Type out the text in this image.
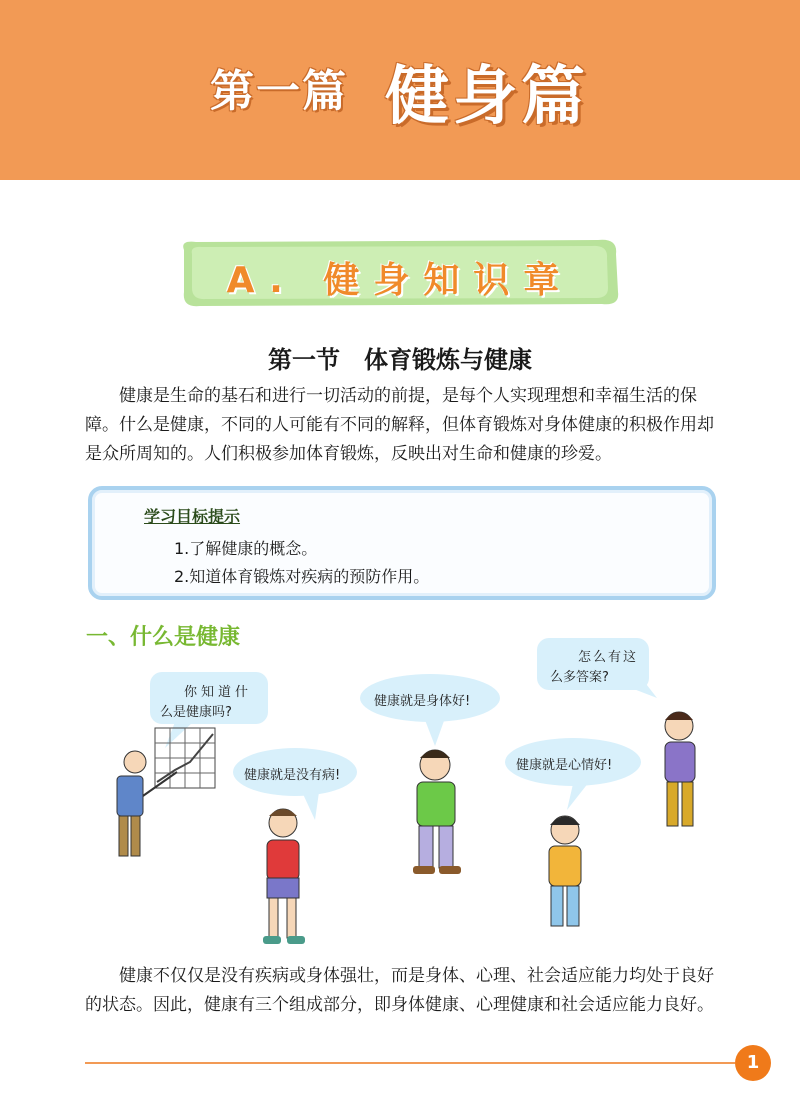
第一篇 健身篇
A. 健身知识章
第一节　体育锻炼与健康

健康是生命的基石和进行一切活动的前提，是每个人实现理想和幸福生活的保障。什么是健康，不同的人可能有不同的解释，但体育锻炼对身体健康的积极作用却是众所周知的。人们积极参加体育锻炼，反映出对生命和健康的珍爱。

学习目标提示
1.了解健康的概念。
2.知道体育锻炼对疾病的预防作用。
一、什么是健康
你知道什
么是健康吗?
健康就是没有病!
健康就是身体好!
健康就是心情好!
怎么有这
么多答案?

健康不仅仅是没有疾病或身体强壮，而是身体、心理、社会适应能力均处于良好的状态。因此，健康有三个组成部分，即身体健康、心理健康和社会适应能力良好。

1
